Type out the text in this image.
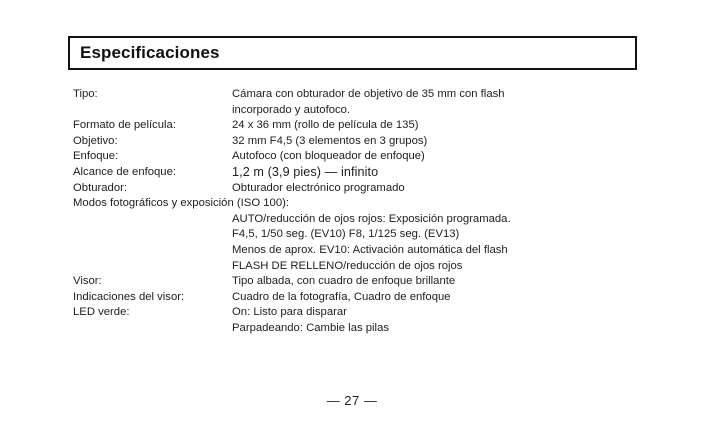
Especificaciones
Tipo:	Cámara con obturador de objetivo de 35 mm con flash
incorporado y autofoco.
Formato de película:	24 x 36 mm (rollo de película de 135)
Objetivo:	32 mm F4,5 (3 elementos en 3 grupos)
Enfoque:	Autofoco (con bloqueador de enfoque)
Alcance de enfoque:	1,2 m (3,9 pies) — infinito
Obturador:	Obturador electrónico programado
Modos fotográficos y exposición (ISO 100):
AUTO/reducción de ojos rojos: Exposición programada.
F4,5, 1/50 seg. (EV10) F8, 1/125 seg. (EV13)
Menos de aprox. EV10: Activación automática del flash
FLASH DE RELLENO/reducción de ojos rojos
Visor:	Tipo albada, con cuadro de enfoque brillante
Indicaciones del visor:	Cuadro de la fotografía, Cuadro de enfoque
LED verde:	On: Listo para disparar
Parpadeando: Cambie las pilas
— 27 —
